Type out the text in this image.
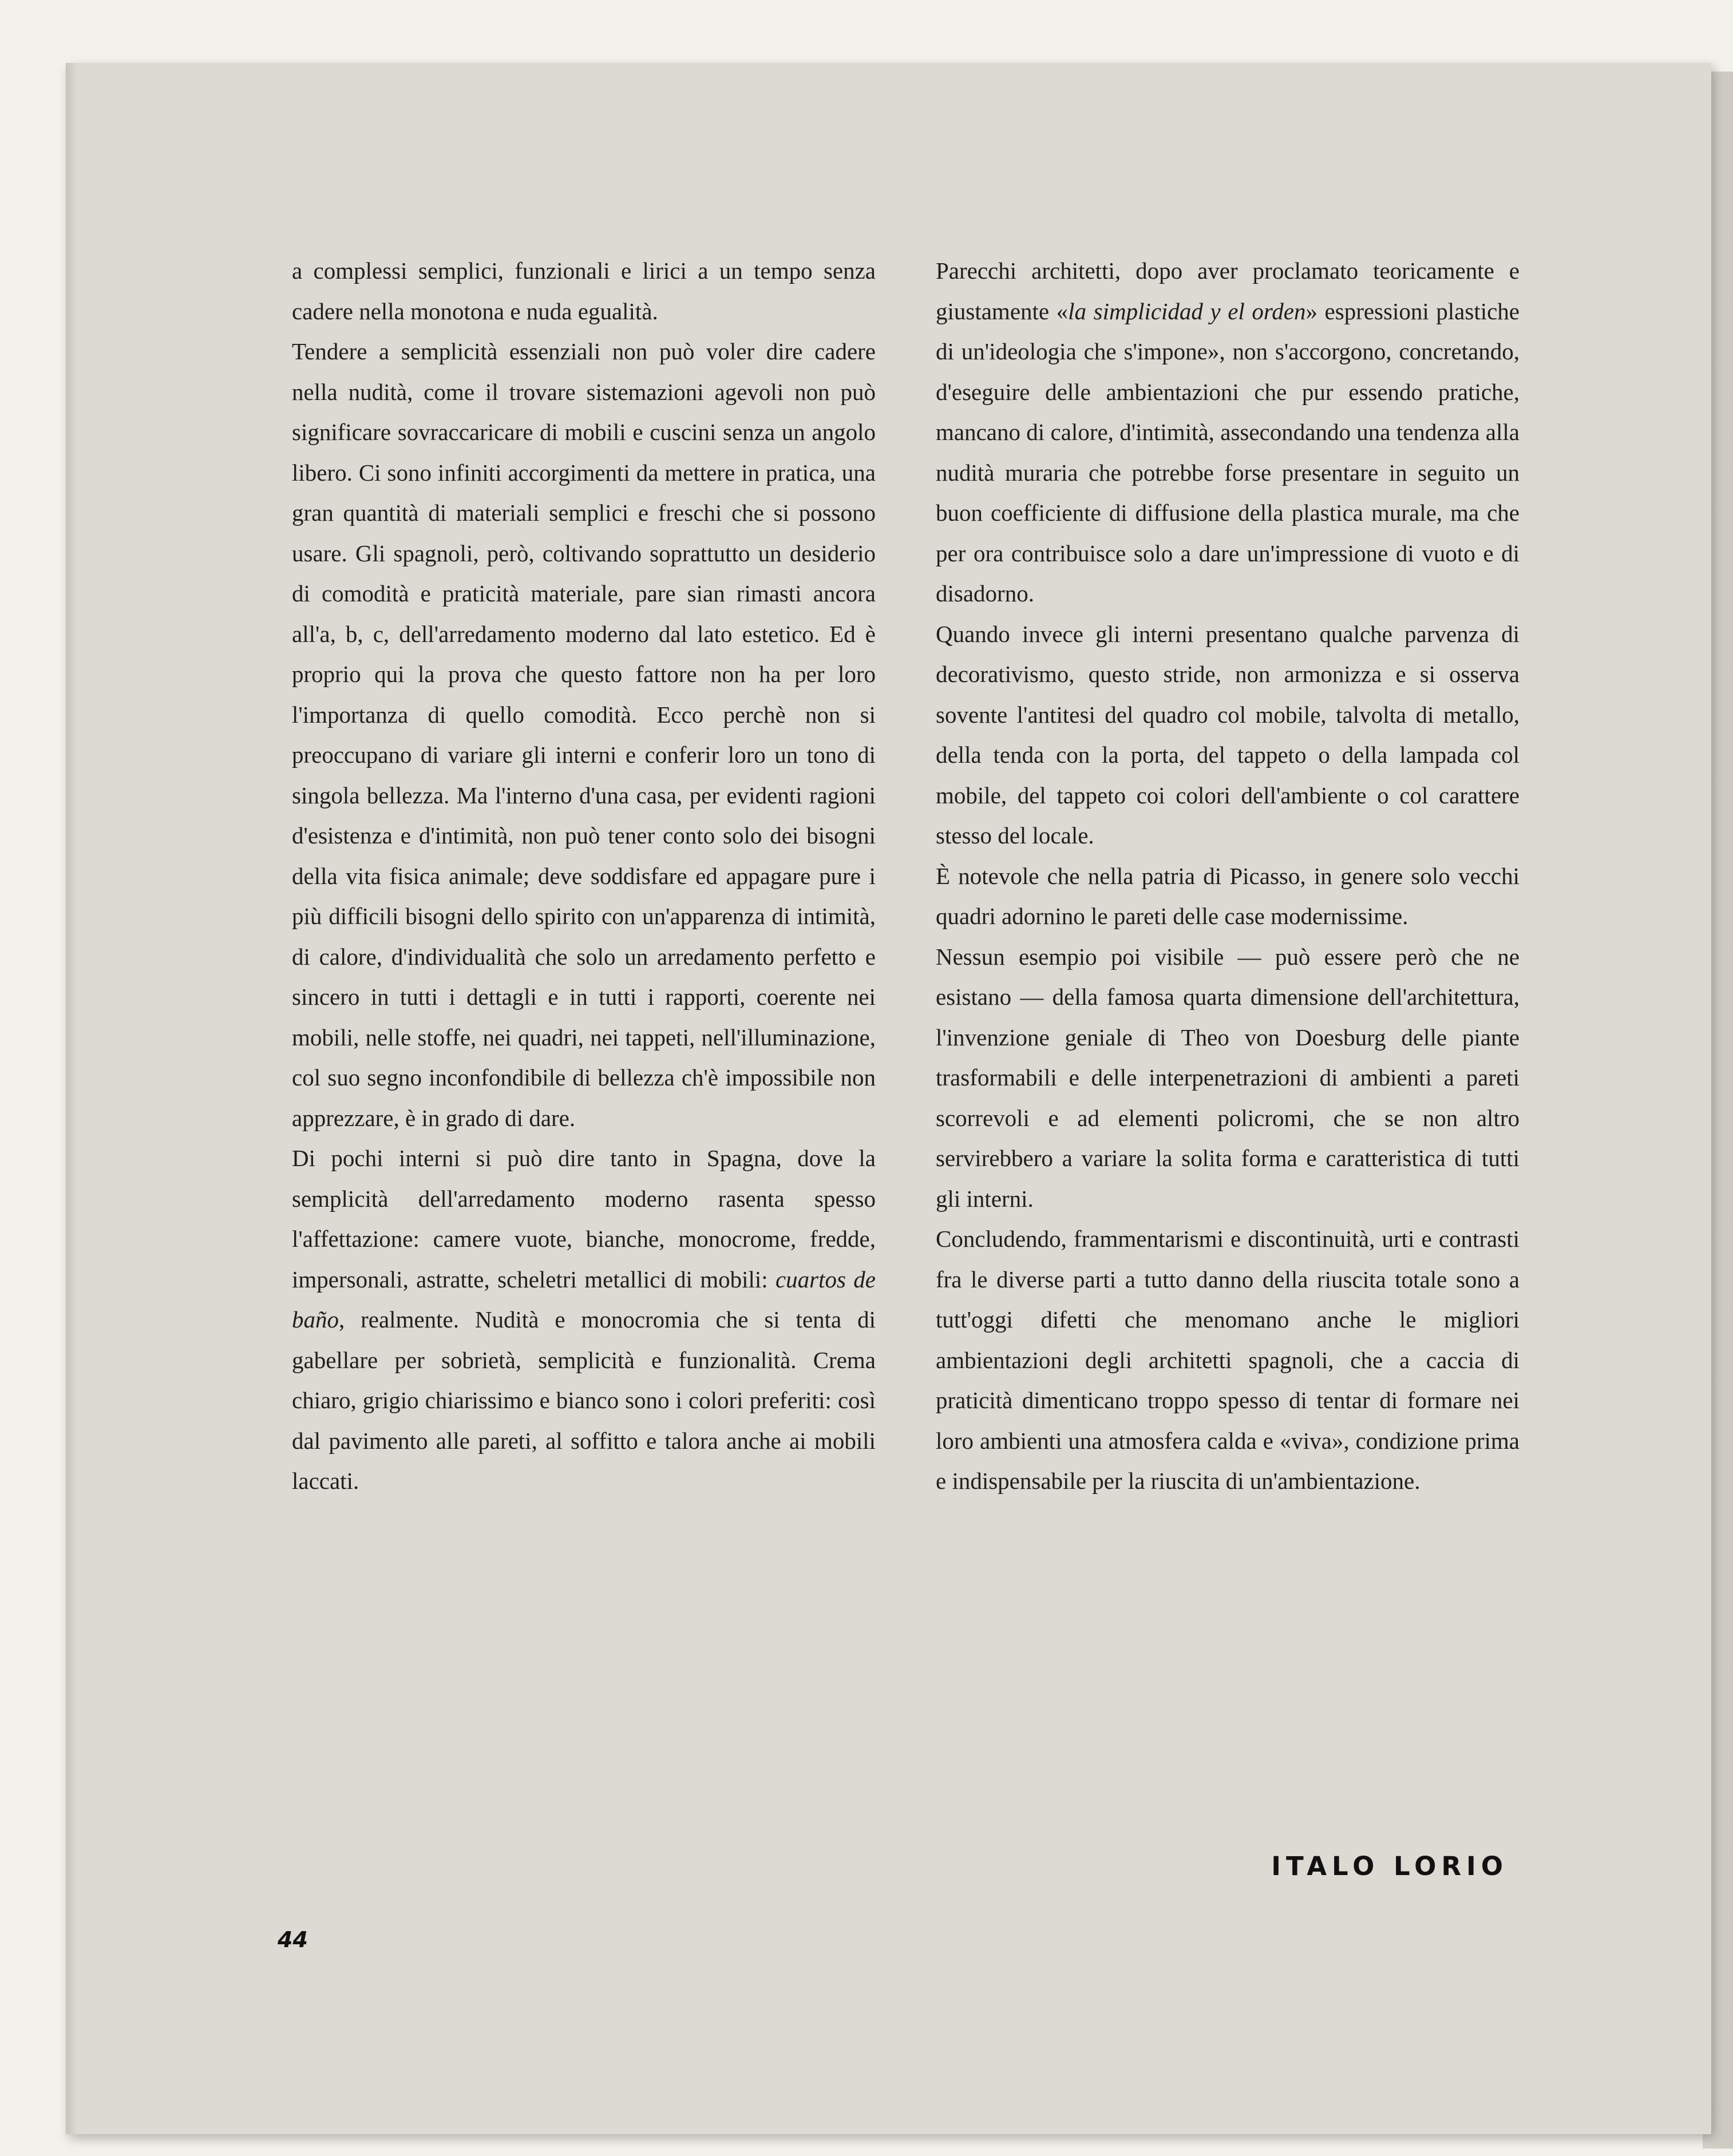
a complessi semplici, funzionali e lirici a un tempo senza cadere nella monotona e nuda egualità.

Tendere a semplicità essenziali non può voler dire cadere nella nudità, come il trovare sistemazioni agevoli non può significare sovraccaricare di mobili e cuscini senza un angolo libero. Ci sono infiniti accorgimenti da mettere in pratica, una gran quantità di materiali semplici e freschi che si possono usare. Gli spagnoli, però, coltivando soprattutto un desiderio di comodità e praticità materiale, pare sian rimasti ancora all'a, b, c, dell'arredamento moderno dal lato estetico. Ed è proprio qui la prova che questo fattore non ha per loro l'importanza di quello comodità. Ecco perchè non si preoccupano di variare gli interni e conferir loro un tono di singola bellezza. Ma l'interno d'una casa, per evidenti ragioni d'esistenza e d'intimità, non può tener conto solo dei bisogni della vita fisica animale; deve soddisfare ed appagare pure i più difficili bisogni dello spirito con un'apparenza di intimità, di calore, d'individualità che solo un arredamento perfetto e sincero in tutti i dettagli e in tutti i rapporti, coerente nei mobili, nelle stoffe, nei quadri, nei tappeti, nell'illuminazione, col suo segno inconfondibile di bellezza ch'è impossibile non apprezzare, è in grado di dare.

Di pochi interni si può dire tanto in Spagna, dove la semplicità dell'arredamento moderno rasenta spesso l'affettazione: camere vuote, bianche, monocrome, fredde, impersonali, astratte, scheletri metallici di mobili: cuartos de baño, realmente. Nudità e monocromia che si tenta di gabellare per sobrietà, semplicità e funzionalità. Crema chiaro, grigio chiarissimo e bianco sono i colori preferiti: così dal pavimento alle pareti, al soffitto e talora anche ai mobili laccati.

Parecchi architetti, dopo aver proclamato teoricamente e giustamente «la simplicidad y el orden» espressioni plastiche di un'ideologia che s'impone», non s'accorgono, concretando, d'eseguire delle ambientazioni che pur essendo pratiche, mancano di calore, d'intimità, assecondando una tendenza alla nudità muraria che potrebbe forse presentare in seguito un buon coefficiente di diffusione della plastica murale, ma che per ora contribuisce solo a dare un'impressione di vuoto e di disadorno.

Quando invece gli interni presentano qualche parvenza di decorativismo, questo stride, non armonizza e si osserva sovente l'antitesi del quadro col mobile, talvolta di metallo, della tenda con la porta, del tappeto o della lampada col mobile, del tappeto coi colori dell'ambiente o col carattere stesso del locale.

È notevole che nella patria di Picasso, in genere solo vecchi quadri adornino le pareti delle case modernissime.

Nessun esempio poi visibile — può essere però che ne esistano — della famosa quarta dimensione dell'architettura, l'invenzione geniale di Theo von Doesburg delle piante trasformabili e delle interpenetrazioni di ambienti a pareti scorrevoli e ad elementi policromi, che se non altro servirebbero a variare la solita forma e caratteristica di tutti gli interni.

Concludendo, frammentarismi e discontinuità, urti e contrasti fra le diverse parti a tutto danno della riuscita totale sono a tutt'oggi difetti che menomano anche le migliori ambientazioni degli architetti spagnoli, che a caccia di praticità dimenticano troppo spesso di tentar di formare nei loro ambienti una atmosfera calda e «viva», condizione prima e indispensabile per la riuscita di un'ambientazione.

ITALO LORIO
44
